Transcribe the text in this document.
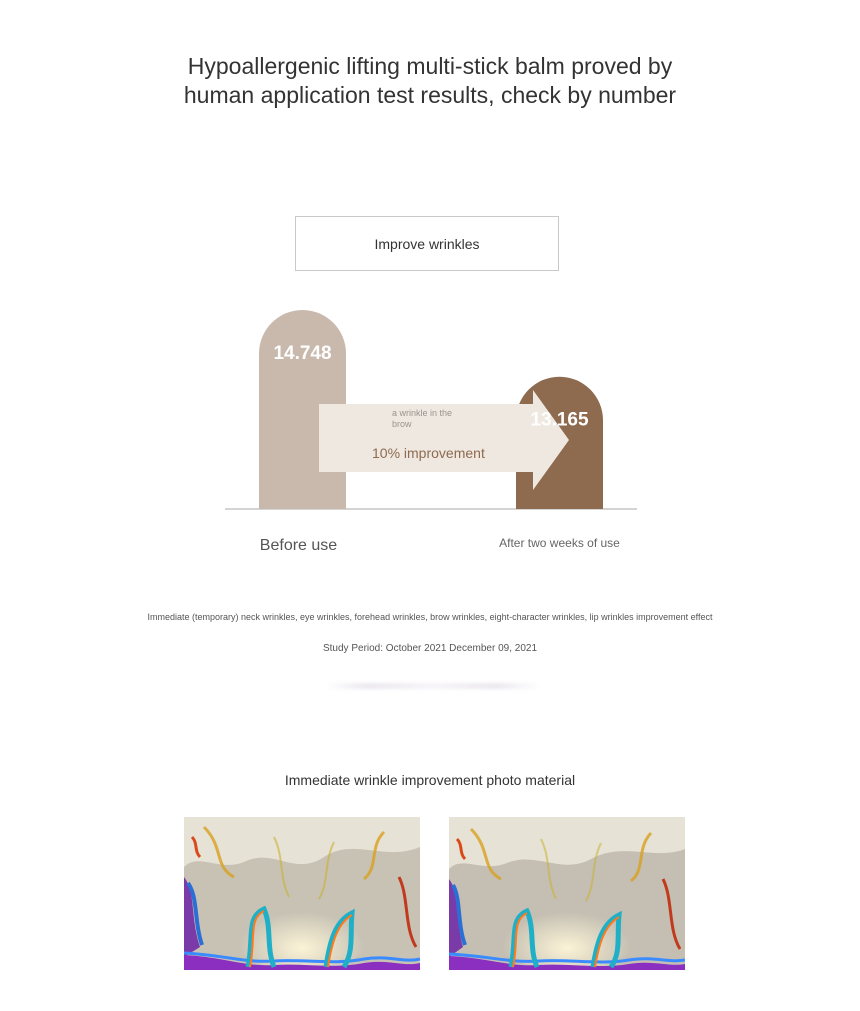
Hypoallergenic lifting multi-stick balm proved by
human application test results, check by number
Improve wrinkles
14.748
13.165
a wrinkle in the brow
10% improvement
Before use	After two weeks of use
Immediate (temporary) neck wrinkles, eye wrinkles, forehead wrinkles, brow wrinkles, eight-character wrinkles, lip wrinkles improvement effect
Study Period: October 2021 December 09, 2021
Immediate wrinkle improvement photo material
